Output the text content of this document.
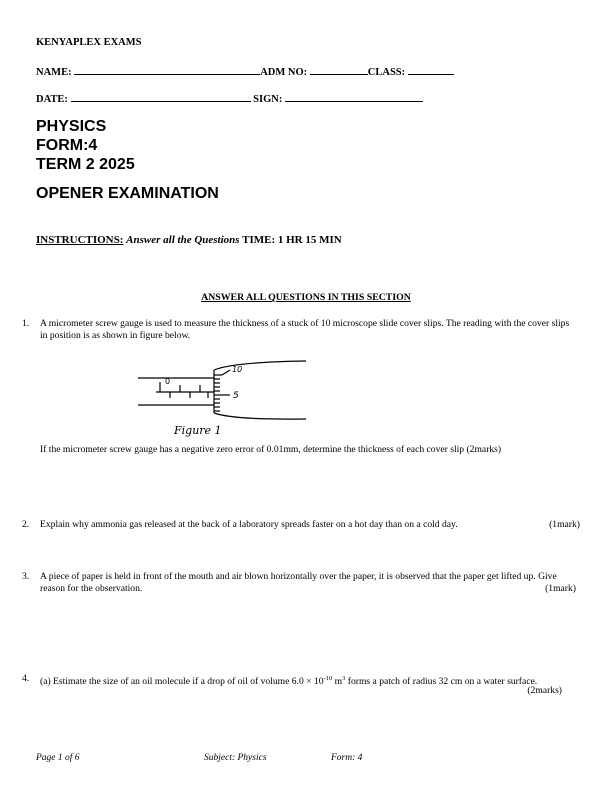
KENYAPLEX EXAMS
NAME:	ADM NO:	CLASS:
DATE:	SIGN:
PHYSICS
FORM:4
TERM 2 2025
OPENER EXAMINATION
INSTRUCTIONS: Answer all the Questions TIME: 1 HR 15 MIN
ANSWER ALL QUESTIONS IN THIS SECTION
1.	A micrometer screw gauge is used to measure the thickness of a stuck of 10 microscope slide cover slips. The reading with the cover slips in position is as shown in figure below.
0
10
5
Figure 1
If the micrometer screw gauge has a negative zero error of 0.01mm, determine the thickness of each cover slip (2marks)
2.	Explain why ammonia gas released at the back of a laboratory spreads faster on a hot day than on a cold day.	(1mark)
3.	A piece of paper is held in front of the mouth and air blown horizontally over the paper, it is observed that the paper get lifted up. Give reason for the observation.	(1mark)
4.	(a) Estimate the size of an oil molecule if a drop of oil of volume $6.0 \times 10^{-10}$ $m^3$ forms a patch of radius 32 cm on a water surface.
(2marks)
Page 1 of 6	Subject: Physics	Form: 4
